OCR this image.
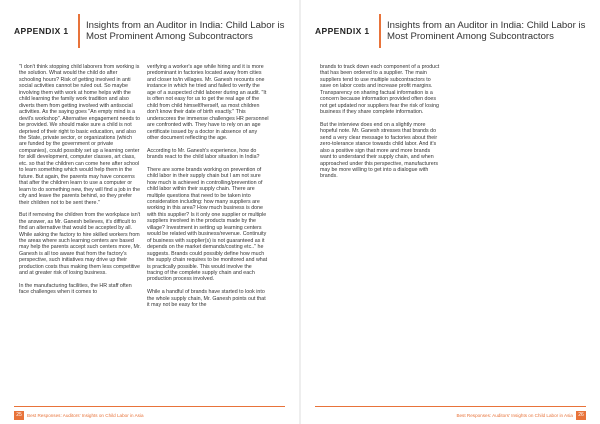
APPENDIX 1	Insights from an Auditor in India: Child Labor is Most Prominent Among Subcontractors

"I don't think stopping child laborers from working is the solution. What would the child do after schooling hours? Risk of getting involved in anti social activities cannot be ruled out. So maybe involving them with work at home helps with the child learning the family work tradition and also diverts them from getting involved with antisocial activities. As the saying goes "An empty mind is a devil's workshop". Alternative engagement needs to be provided. We should make sure a child is not deprived of their right to basic education, and also the State, private sector, or organizations (which are funded by the government or private companies), could possibly set up a learning center for skill development, computer classes, art class, etc. so that the children can come here after school to learn something which would help them in the future. But again, the parents may have concerns that after the children learn to use a computer or learn to do something new, they will find a job in the city and leave the parents behind, so they prefer their children not to be sent there."

But if removing the children from the workplace isn't the answer, as Mr. Ganesh believes, it's difficult to find an alternative that would be accepted by all. While asking the factory to hire skilled workers from the areas where such learning centers are based may help the parents accept such centers more, Mr. Ganesh is all too aware that from the factory's perspective, such initiatives may drive up their production costs thus making them less competitive and at greater risk of losing business.

In the manufacturing facilities, the HR staff often face challenges when it comes to

verifying a worker's age while hiring and it is more predominant in factories located away from cities and closer to/in villages. Mr. Ganesh recounts one instance in which he tried and failed to verify the age of a suspected child laborer during an audit. "It is often not easy for us to get the real age of the child from child himself/herself, as most children don't know their date of birth exactly." This underscores the immense challenges HR personnel are confronted with. They have to rely on an age certificate issued by a doctor in absence of any other document reflecting the age.

According to Mr. Ganesh's experience, how do brands react to the child labor situation in India?

There are some brands working on prevention of child labor in their supply chain but I am not sure how much is achieved in controlling/prevention of child labor within their supply chain. There are multiple questions that need to be taken into consideration including: how many suppliers are working in this area? How much business is done with this supplier? Is it only one supplier or multiple suppliers involved in the products made by the village? Investment in setting up learning centers would be related with business/revenue. Continuity of business with supplier(s) is not guaranteed as it depends on the market demands/costing etc.." he suggests. Brands could possibly define how much the supply chain requires to be monitored and what is practically possible. This would involve the tracing of the complete supply chain and each production process involved.

While a handful of brands have started to look into the whole supply chain, Mr. Ganesh points out that it may not be easy for the

25	Best Responses: Auditors' Insights on Child Labor in Asia
APPENDIX 1	Insights from an Auditor in India: Child Labor is Most Prominent Among Subcontractors

brands to track down each component of a product that has been ordered to a supplier. The main suppliers tend to use multiple subcontractors to save on labor costs and increase profit margins. Transparency on sharing factual information is a concern because information provided often does not get updated nor suppliers fear the risk of losing business if they share complete information.

But the interview does end on a slightly more hopeful note. Mr. Ganesh stresses that brands do send a very clear message to factories about their zero-tolerance stance towards child labor. And it's also a positive sign that more and more brands want to understand their supply chain, and when approached under this perspective, manufacturers may be more willing to get into a dialogue with brands.

Best Responses: Auditors' Insights on Child Labor in Asia	26
